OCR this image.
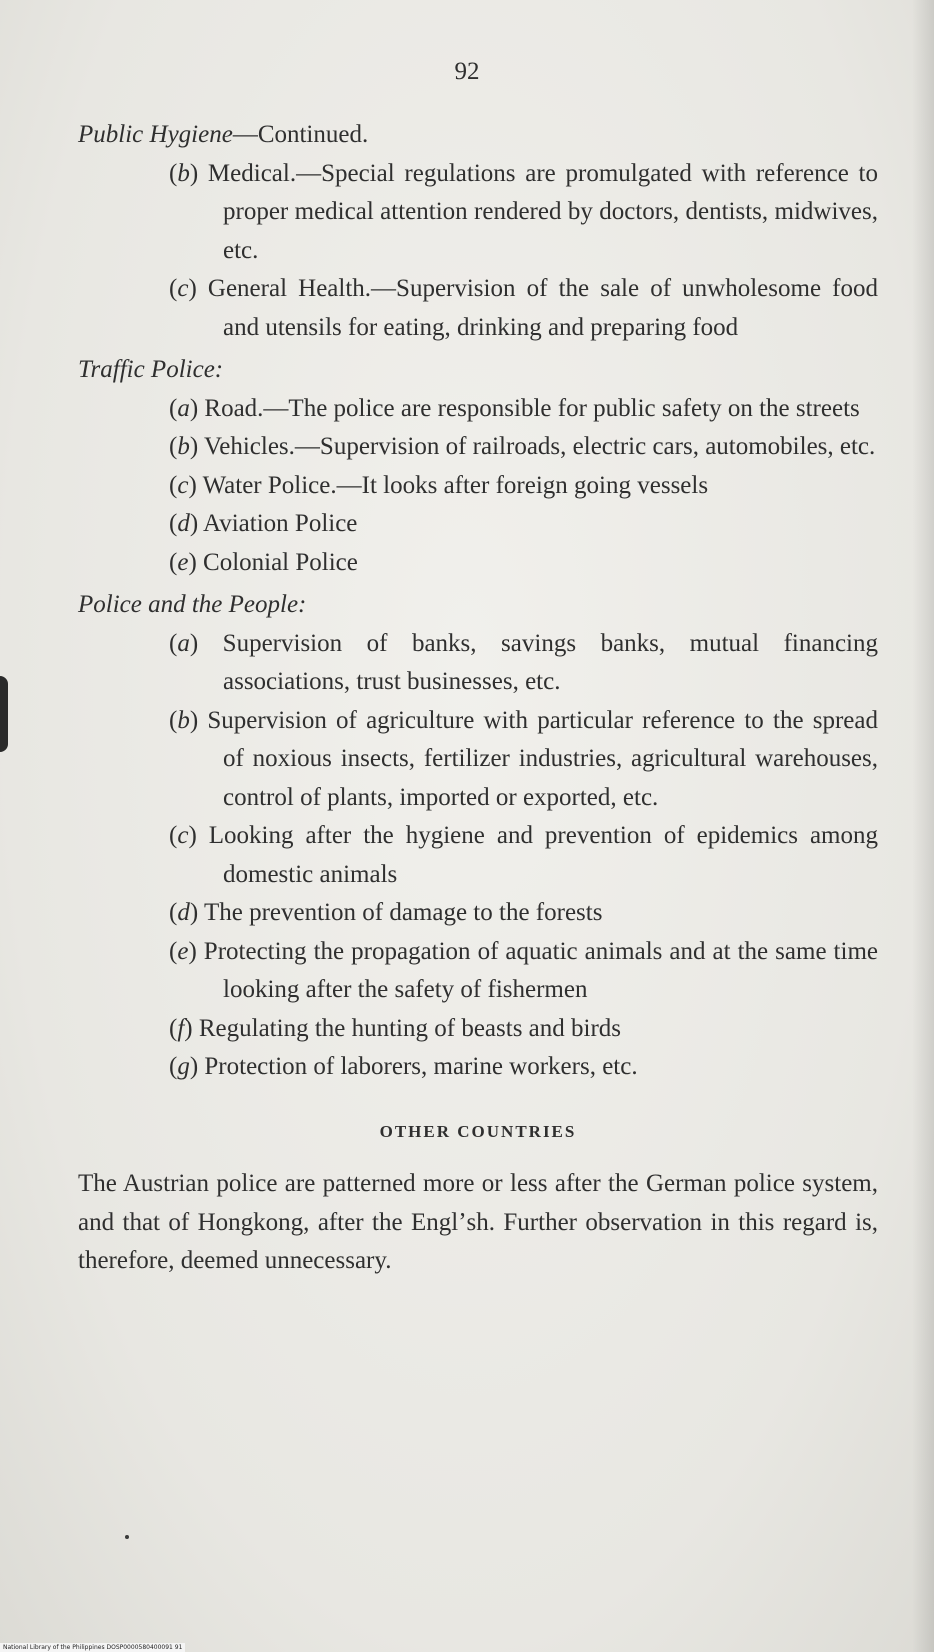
92
Public Hygiene—Continued.
(b) Medical.—Special regulations are promulgated with reference to proper medical attention rendered by doctors, dentists, midwives, etc.
(c) General Health.—Supervision of the sale of unwholesome food and utensils for eating, drinking and preparing food
Traffic Police:
(a) Road.—The police are responsible for public safety on the streets
(b) Vehicles.—Supervision of railroads, electric cars, automobiles, etc.
(c) Water Police.—It looks after foreign going vessels
(d) Aviation Police
(e) Colonial Police
Police and the People:
(a) Supervision of banks, savings banks, mutual financing associations, trust businesses, etc.
(b) Supervision of agriculture with particular reference to the spread of noxious insects, fertilizer industries, agricultural warehouses, control of plants, imported or exported, etc.
(c) Looking after the hygiene and prevention of epidemics among domestic animals
(d) The prevention of damage to the forests
(e) Protecting the propagation of aquatic animals and at the same time looking after the safety of fishermen
(f) Regulating the hunting of beasts and birds
(g) Protection of laborers, marine workers, etc.
OTHER COUNTRIES
The Austrian police are patterned more or less after the German police system, and that of Hongkong, after the Englʼsh. Further observation in this regard is, therefore, deemed unnecessary.
National Library of the Philippines DOSP0000580400091 91
